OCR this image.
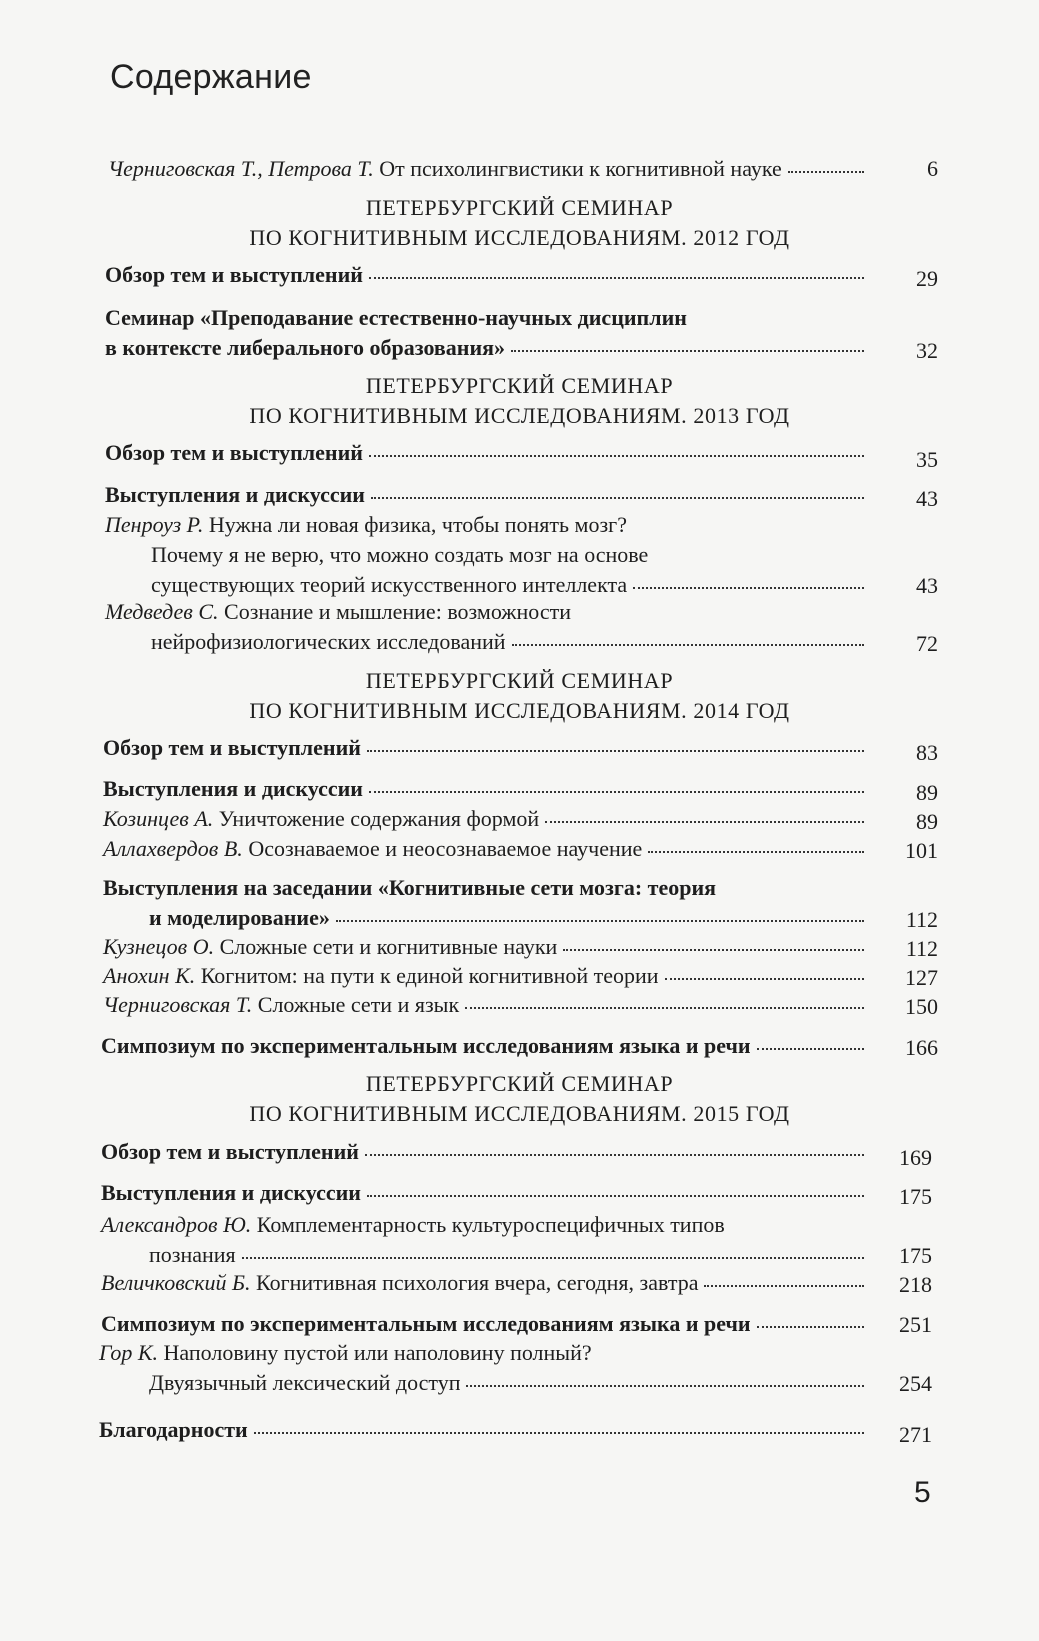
Содержание
Черниговская Т., Петрова Т. От психолингвистики к когнитивной науке	6
ПЕТЕРБУРГСКИЙ СЕМИНАР
ПО КОГНИТИВНЫМ ИССЛЕДОВАНИЯМ. 2012 ГОД
Обзор тем и выступлений	29
Семинар «Преподавание естественно-научных дисциплин
в контексте либерального образования»	32
ПЕТЕРБУРГСКИЙ СЕМИНАР
ПО КОГНИТИВНЫМ ИССЛЕДОВАНИЯМ. 2013 ГОД
Обзор тем и выступлений	35
Выступления и дискуссии	43
Пенроуз Р. Нужна ли новая физика, чтобы понять мозг?
Почему я не верю, что можно создать мозг на основе
существующих теорий искусственного интеллекта	43
Медведев С. Сознание и мышление: возможности
нейрофизиологических исследований	72
ПЕТЕРБУРГСКИЙ СЕМИНАР
ПО КОГНИТИВНЫМ ИССЛЕДОВАНИЯМ. 2014 ГОД
Обзор тем и выступлений	83
Выступления и дискуссии	89
Козинцев А. Уничтожение содержания формой	89
Аллахвердов В. Осознаваемое и неосознаваемое научение	101
Выступления на заседании «Когнитивные сети мозга: теория
и моделирование»	112
Кузнецов О. Сложные сети и когнитивные науки	112
Анохин К. Когнитом: на пути к единой когнитивной теории	127
Черниговская Т. Сложные сети и язык	150
Симпозиум по экспериментальным исследованиям языка и речи	166
ПЕТЕРБУРГСКИЙ СЕМИНАР
ПО КОГНИТИВНЫМ ИССЛЕДОВАНИЯМ. 2015 ГОД
Обзор тем и выступлений	169
Выступления и дискуссии	175
Александров Ю. Комплементарность культуроспецифичных типов
познания	175
Величковский Б. Когнитивная психология вчера, сегодня, завтра	218
Симпозиум по экспериментальным исследованиям языка и речи	251
Гор К. Наполовину пустой или наполовину полный?
Двуязычный лексический доступ	254
Благодарности	271
5
